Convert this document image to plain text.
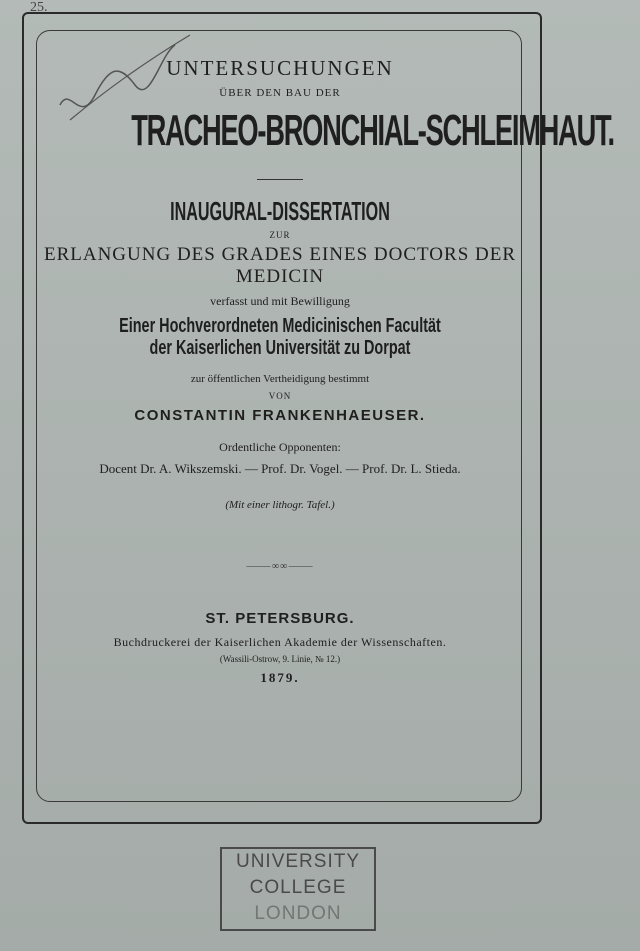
25.

UNTERSUCHUNGEN

ÜBER DEN BAU DER

TRACHEO-BRONCHIAL-SCHLEIMHAUT.

INAUGURAL-DISSERTATION

ZUR

ERLANGUNG DES GRADES EINES DOCTORS DER MEDICIN

verfasst und mit Bewilligung

Einer Hochverordneten Medicinischen Facultät der Kaiserlichen Universität zu Dorpat

zur öffentlichen Vertheidigung bestimmt

VON

CONSTANTIN FRANKENHAEUSER.

Ordentliche Opponenten:

Docent Dr. A. Wikszemski. — Prof. Dr. Vogel. — Prof. Dr. L. Stieda.

(Mit einer lithogr. Tafel.)

⸻∞∞⸻

ST. PETERSBURG.

Buchdruckerei der Kaiserlichen Akademie der Wissenschaften.

(Wassili-Ostrow, 9. Linie, № 12.)

1879.

UNIVERSITY
COLLEGE
LONDON
